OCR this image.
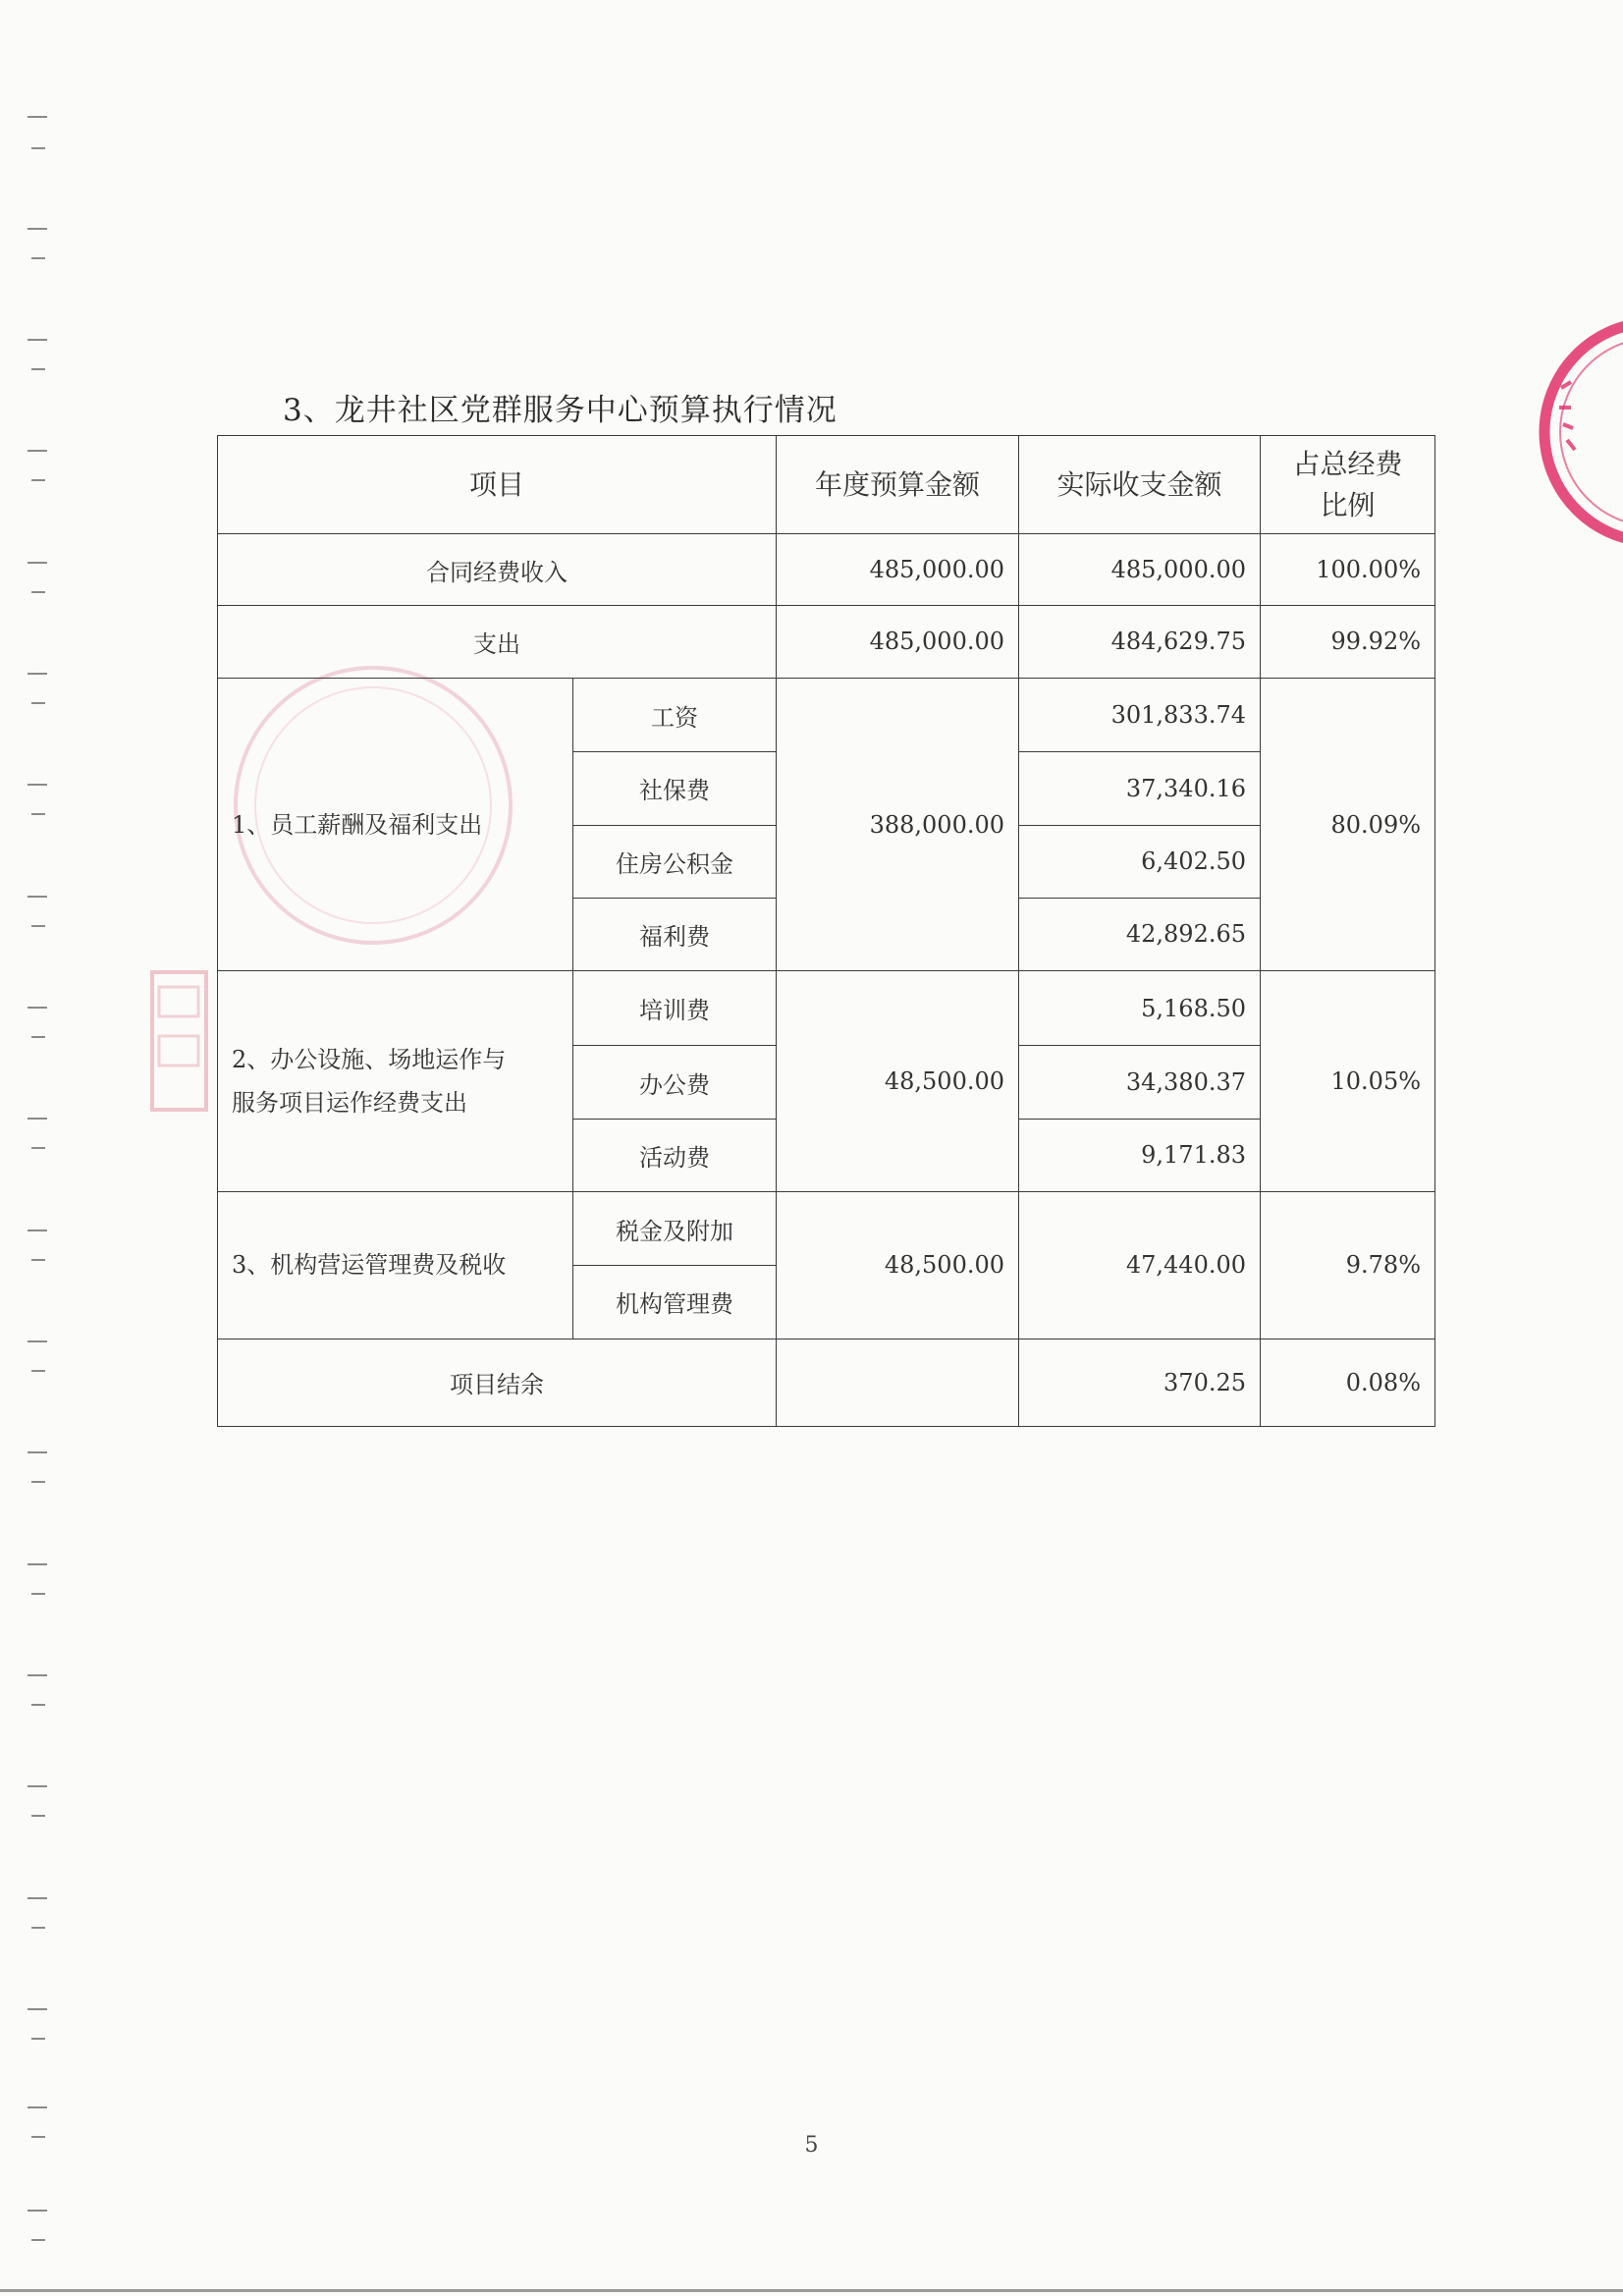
3、龙井社区党群服务中心预算执行情况
项目		年度预算金额	实际收支金额	占总经费
比例
合同经费收入		485,000.00	485,000.00	100.00%
支出		485,000.00	484,629.75	99.92%
1、员工薪酬及福利支出	工资	388,000.00	301,833.74	80.09%
	社保费		37,340.16	
	住房公积金		6,402.50	
	福利费		42,892.65	
2、办公设施、场地运作与
服务项目运作经费支出	培训费	48,500.00	5,168.50	10.05%
	办公费		34,380.37	
	活动费		9,171.83	
3、机构营运管理费及税收	税金及附加	48,500.00	47,440.00	9.78%
	机构管理费			
项目结余			370.25	0.08%
5
